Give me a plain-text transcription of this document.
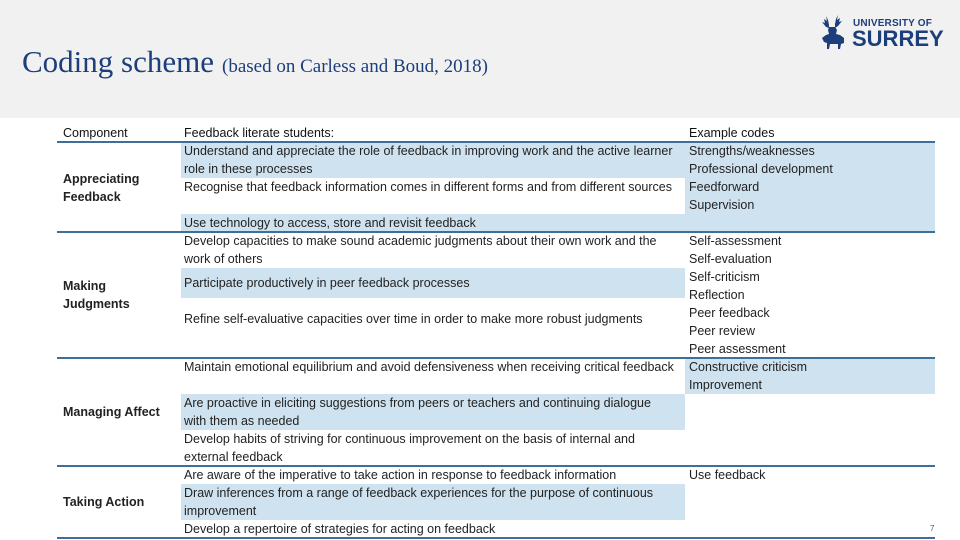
Coding scheme (based on Carless and Boud, 2018)
UNIVERSITY OF
SURREY
Component	Feedback literate students:	Example codes
Appreciating Feedback
Understand and appreciate the role of feedback in improving work and the active learner role in these processes
Recognise that feedback information comes in different forms and from different sources
Use technology to access, store and revisit feedback
Strengths/weaknesses
Professional development
Feedforward
Supervision
Making Judgments
Develop capacities to make sound academic judgments about their own work and the work of others
Participate productively in peer feedback processes
Refine self-evaluative capacities over time in order to make more robust judgments
Self-assessment
Self-evaluation
Self-criticism
Reflection
Peer feedback
Peer review
Peer assessment
Managing Affect
Maintain emotional equilibrium and avoid defensiveness when receiving critical feedback
Are proactive in eliciting suggestions from peers or teachers and continuing dialogue with them as needed
Develop habits of striving for continuous improvement on the basis of internal and external feedback
Constructive criticism
Improvement
Taking Action
Are aware of the imperative to take action in response to feedback information
Draw inferences from a range of feedback experiences for the purpose of continuous improvement
Develop a repertoire of strategies for acting on feedback
Use feedback
7
